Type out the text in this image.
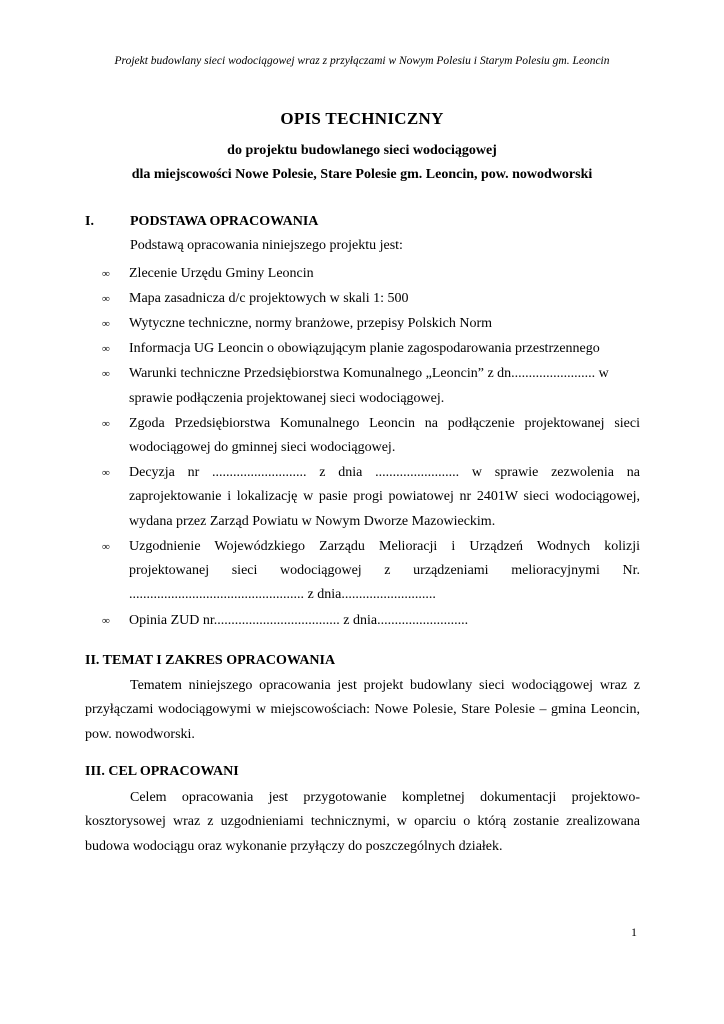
Projekt budowlany sieci wodociągowej wraz z przyłączami w Nowym Polesiu i Starym Polesiu gm. Leoncin
OPIS TECHNICZNY
do projektu budowlanego sieci wodociągowej
dla miejscowości Nowe Polesie, Stare Polesie gm. Leoncin, pow. nowodworski
I.	PODSTAWA OPRACOWANIA
Podstawą opracowania niniejszego projektu jest:
∞ Zlecenie Urzędu Gminy Leoncin
∞ Mapa zasadnicza d/c projektowych w skali 1: 500
∞ Wytyczne techniczne, normy branżowe, przepisy Polskich Norm
∞ Informacja UG Leoncin o obowiązującym planie zagospodarowania przestrzennego
∞ Warunki techniczne Przedsiębiorstwa Komunalnego „Leoncin” z dn........................ w sprawie podłączenia projektowanej sieci wodociągowej.
∞ Zgoda Przedsiębiorstwa Komunalnego Leoncin na podłączenie projektowanej sieci wodociągowej do gminnej sieci wodociągowej.
∞ Decyzja nr ........................... z dnia ........................ w sprawie zezwolenia na zaprojektowanie i lokalizację w pasie progi powiatowej nr 2401W sieci wodociągowej, wydana przez Zarząd Powiatu w Nowym Dworze Mazowieckim.
∞ Uzgodnienie Wojewódzkiego Zarządu Melioracji i Urządzeń Wodnych kolizji projektowanej sieci wodociągowej z urządzeniami melioracyjnymi Nr. .................................................. z dnia...........................
∞ Opinia ZUD nr.................................... z dnia..........................
II. TEMAT I ZAKRES OPRACOWANIA
Tematem niniejszego opracowania jest projekt budowlany sieci wodociągowej wraz z przyłączami wodociągowymi w miejscowościach: Nowe Polesie, Stare Polesie – gmina Leoncin, pow. nowodworski.
III. CEL OPRACOWANI
Celem opracowania jest przygotowanie kompletnej dokumentacji projektowo-kosztorysowej wraz z uzgodnieniami technicznymi, w oparciu o którą zostanie zrealizowana budowa wodociągu oraz wykonanie przyłączy do poszczególnych działek.
1
